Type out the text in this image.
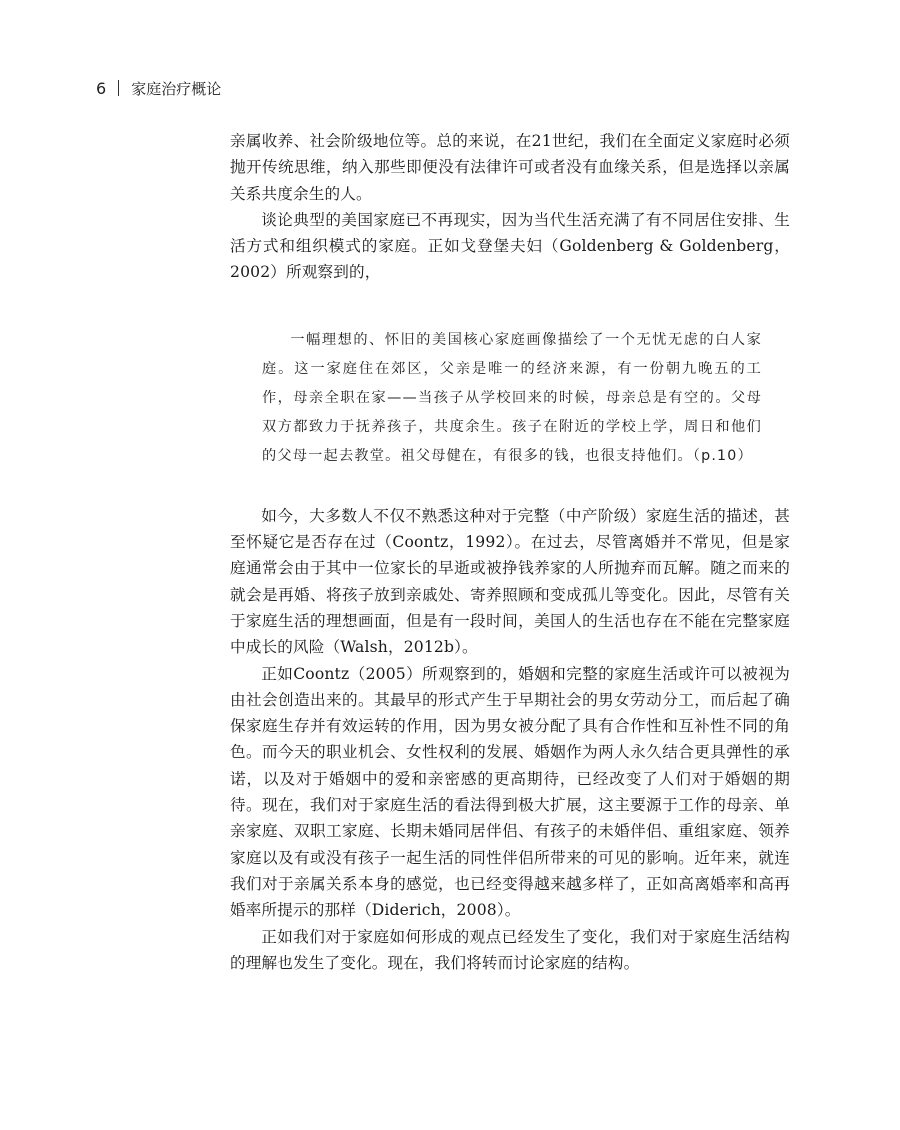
6 家庭治疗概论

亲属收养、社会阶级地位等。总的来说，在21世纪，我们在全面定义家庭时必须抛开传统思维，纳入那些即便没有法律许可或者没有血缘关系，但是选择以亲属关系共度余生的人。

谈论典型的美国家庭已不再现实，因为当代生活充满了有不同居住安排、生活方式和组织模式的家庭。正如戈登堡夫妇（Goldenberg & Goldenberg，2002）所观察到的，

一幅理想的、怀旧的美国核心家庭画像描绘了一个无忧无虑的白人家庭。这一家庭住在郊区，父亲是唯一的经济来源，有一份朝九晚五的工作，母亲全职在家——当孩子从学校回来的时候，母亲总是有空的。父母双方都致力于抚养孩子，共度余生。孩子在附近的学校上学，周日和他们的父母一起去教堂。祖父母健在，有很多的钱，也很支持他们。（p.10）

如今，大多数人不仅不熟悉这种对于完整（中产阶级）家庭生活的描述，甚至怀疑它是否存在过（Coontz，1992）。在过去，尽管离婚并不常见，但是家庭通常会由于其中一位家长的早逝或被挣钱养家的人所抛弃而瓦解。随之而来的就会是再婚、将孩子放到亲戚处、寄养照顾和变成孤儿等变化。因此，尽管有关于家庭生活的理想画面，但是有一段时间，美国人的生活也存在不能在完整家庭中成长的风险（Walsh，2012b）。

正如Coontz（2005）所观察到的，婚姻和完整的家庭生活或许可以被视为由社会创造出来的。其最早的形式产生于早期社会的男女劳动分工，而后起了确保家庭生存并有效运转的作用，因为男女被分配了具有合作性和互补性不同的角色。而今天的职业机会、女性权利的发展、婚姻作为两人永久结合更具弹性的承诺，以及对于婚姻中的爱和亲密感的更高期待，已经改变了人们对于婚姻的期待。现在，我们对于家庭生活的看法得到极大扩展，这主要源于工作的母亲、单亲家庭、双职工家庭、长期未婚同居伴侣、有孩子的未婚伴侣、重组家庭、领养家庭以及有或没有孩子一起生活的同性伴侣所带来的可见的影响。近年来，就连我们对于亲属关系本身的感觉，也已经变得越来越多样了，正如高离婚率和高再婚率所提示的那样（Diderich，2008）。

正如我们对于家庭如何形成的观点已经发生了变化，我们对于家庭生活结构的理解也发生了变化。现在，我们将转而讨论家庭的结构。
